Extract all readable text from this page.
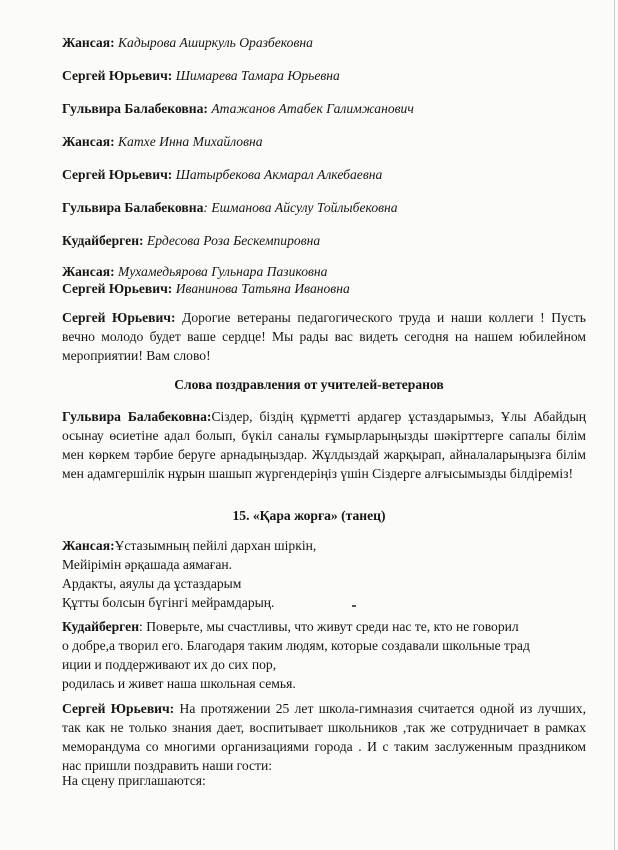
Жансая: Кадырова Аширкуль Оразбековна
Сергей Юрьевич: Шимарева Тамара Юрьевна
Гульвира Балабековна: Атажанов Атабек Галимжанович
Жансая: Катхе Инна Михайловна
Сергей Юрьевич: Шатырбекова Акмарал Алкебаевна
Гульвира Балабековна: Ешманова Айсулу Тойлыбековна
Кудайберген: Ердесова Роза Бескемпировна
Жансая: Мухамедьярова Гульнара Пазиковна
Сергей Юрьевич: Иванинова Татьяна Ивановна
Сергей Юрьевич: Дорогие ветераны педагогического труда и наши коллеги ! Пусть вечно молодо будет ваше сердце! Мы рады вас видеть сегодня на нашем юбилейном мероприятии! Вам слово!
Слова поздравления от учителей-ветеранов
Гульвира Балабековна:Сіздер, біздің құрметті ардагер ұстаздарымыз, Ұлы Абайдың осынау өсиетіне адал болып, бүкіл саналы ғұмырларыңызды шәкірттерге сапалы білім мен көркем тәрбие беруге арнадыңыздар. Жұлдыздай жарқырап, айналаларыңызға білім мен адамгершілік нұрын шашып жүргендеріңіз үшін Сіздерге алғысымызды білдіреміз!
15. «Қара жорға» (танец)
Жансая:Ұстазымның пейілі дархан шіркін,
Мейірімін әрқашада аямаған.
Ардакты, аяулы да ұстаздарым
Құтты болсын бүгінгі мейрамдарың.
Кудайберген: Поверьте, мы счастливы, что живут среди нас те, кто не говорил
о добре,а творил его. Благодаря таким людям, которые создавали школьные трад
иции и поддерживают их до сих пор,
родилась и живет наша школьная семья.
Сергей Юрьевич: На протяжении 25 лет школа-гимназия считается одной из лучших, так как не только знания дает, воспитывает школьников ,так же сотрудничает в рамках меморандума со многими организациями города . И с таким заслуженным праздником нас пришли поздравить наши гости:
На сцену приглашаются:
